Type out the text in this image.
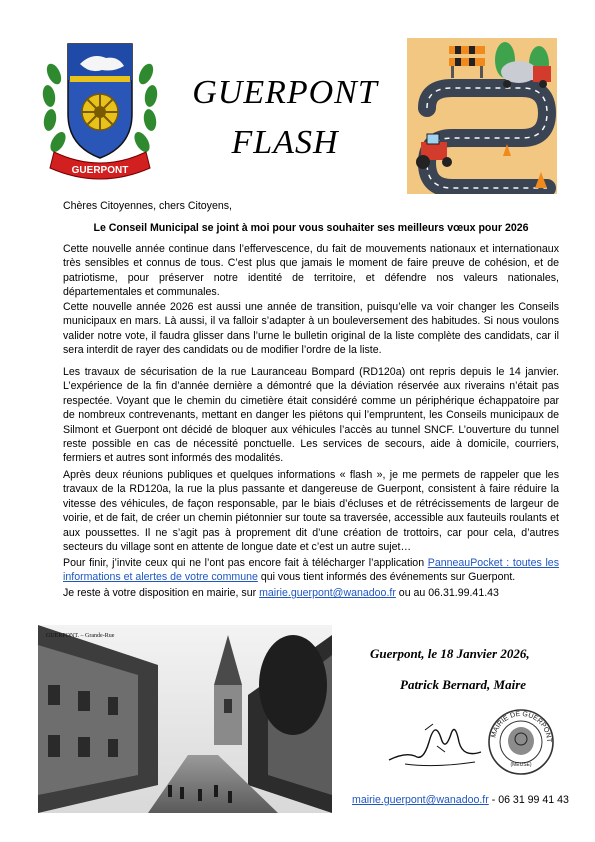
GUERPONT
GUERPONT
FLASH
Chères Citoyennes, chers Citoyens,
Le Conseil Municipal se joint à moi pour vous souhaiter ses meilleurs vœux pour 2026
Cette nouvelle année continue dans l’effervescence, du fait de mouvements nationaux et internationaux très sensibles et connus de tous. C’est plus que jamais le moment de faire preuve de cohésion, et de patriotisme, pour préserver notre identité de territoire, et défendre nos valeurs nationales, départementales et communales.
Cette nouvelle année 2026 est aussi une année de transition, puisqu’elle va voir changer les Conseils municipaux en mars. Là aussi, il va falloir s’adapter à un bouleversement des habitudes. Si nous voulons valider notre vote, il faudra glisser dans l’urne le bulletin original de la liste complète des candidats, car il sera interdit de rayer des candidats ou de modifier l’ordre de la liste.
Les travaux de sécurisation de la rue Lauranceau Bompard (RD120a) ont repris depuis le 14 janvier. L’expérience de la fin d’année dernière a démontré que la déviation réservée aux riverains n’était pas respectée. Voyant que le chemin du cimetière était considéré comme un périphérique échappatoire par de nombreux contrevenants, mettant en danger les piétons qui l’empruntent, les Conseils municipaux de Silmont et Guerpont ont décidé de bloquer aux véhicules l’accès au tunnel SNCF. L’ouverture du tunnel reste possible en cas de nécessité ponctuelle. Les services de secours, aide à domicile, courriers, fermiers et autres sont informés des modalités.
Après deux réunions publiques et quelques informations « flash », je me permets de rappeler que les travaux de la RD120a, la rue la plus passante et dangereuse de Guerpont, consistent à faire réduire la vitesse des véhicules, de façon responsable, par le biais d’écluses et de rétrécissements de largeur de voirie, et de fait, de créer un chemin piétonnier sur toute sa traversée, accessible aux fauteuils roulants et aux poussettes. Il ne s’agit pas à proprement dit d’une création de trottoirs, car pour cela, d’autres secteurs du village sont en attente de longue date et c’est un autre sujet…
Pour finir, j’invite ceux qui ne l’ont pas encore fait à télécharger l’application PanneauPocket : toutes les informations et alertes de votre commune qui vous tient informés des événements sur Guerpont.
Je reste à votre disposition en mairie, sur mairie.guerpont@wanadoo.fr ou au 06.31.99.41.43
GUERPONT. – Grande-Rue
Guerpont, le 18 Janvier 2026,
Patrick Bernard, Maire
MAIRIE DE GUERPONT
(MEUSE)
mairie.guerpont@wanadoo.fr - 06 31 99 41 43
